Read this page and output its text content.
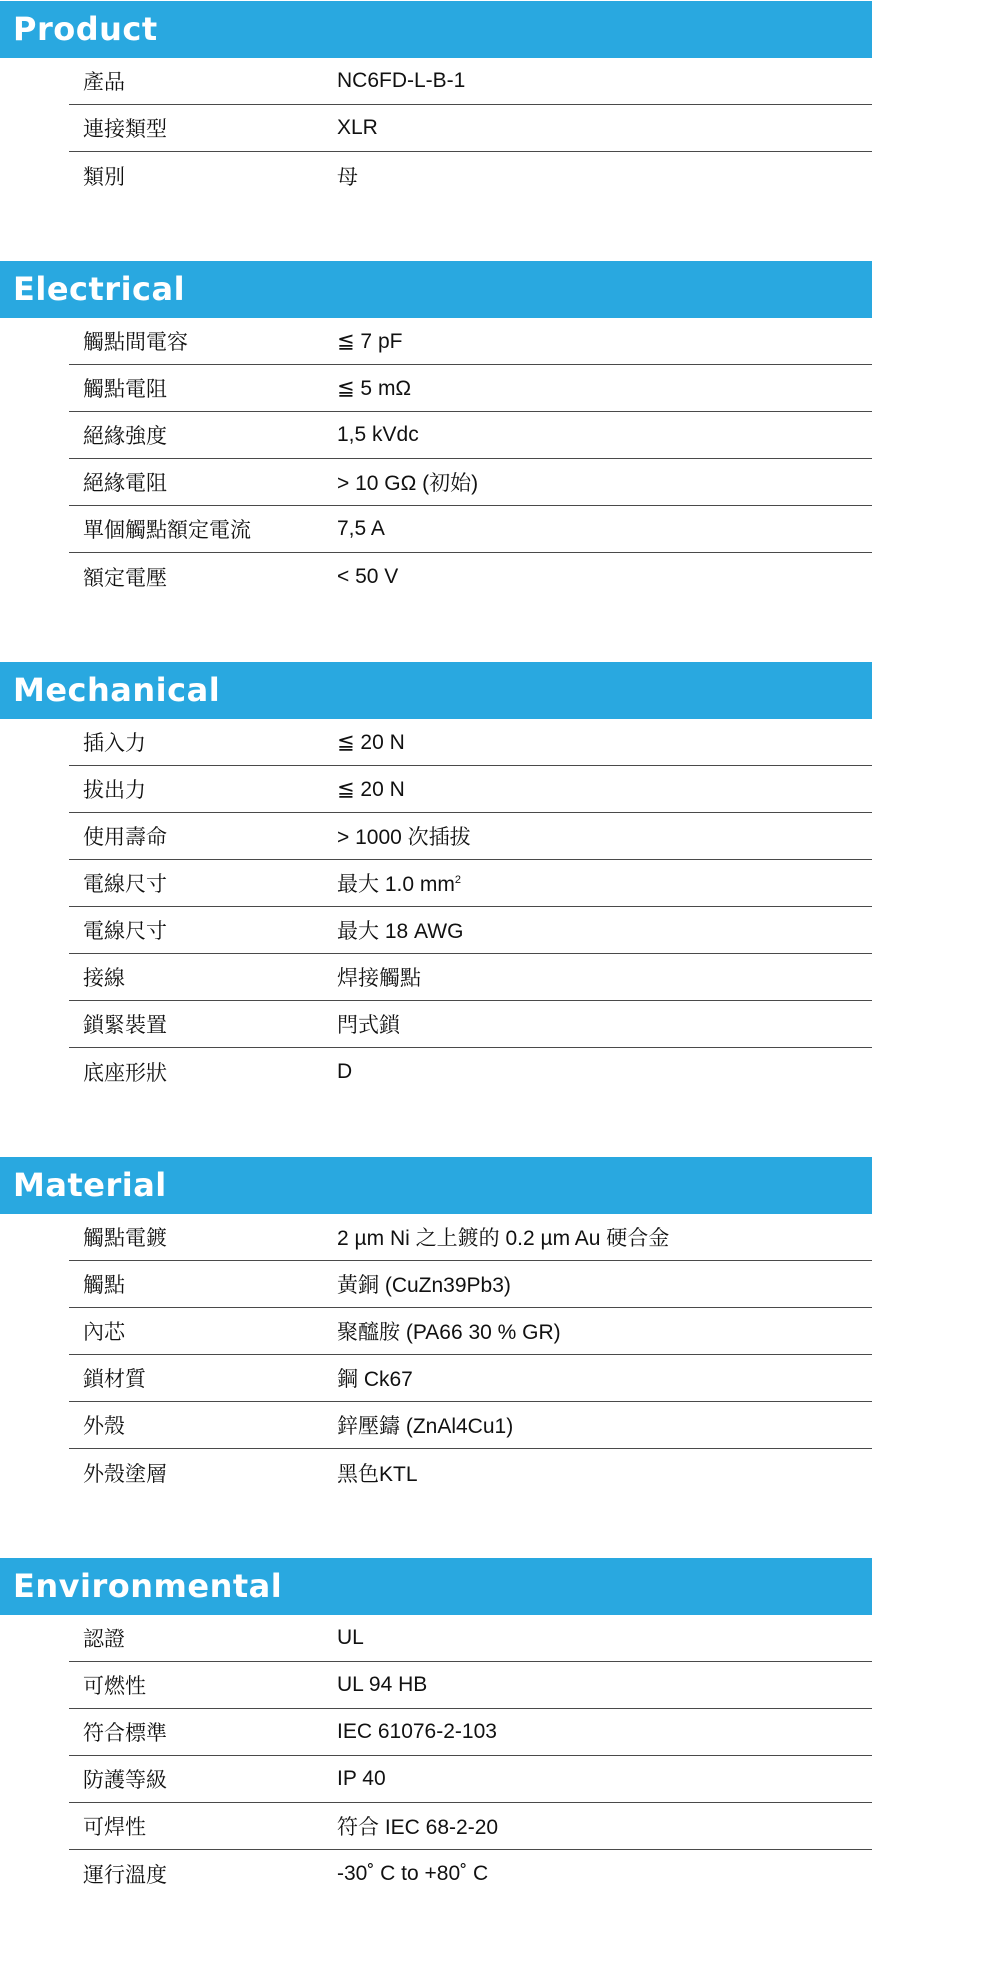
Product
產品	NC6FD-L-B-1
連接類型	XLR
類別	母
Electrical
觸點間電容	≦ 7 pF
觸點電阻	≦ 5 mΩ
絕緣強度	1,5 kVdc
絕緣電阻	> 10 GΩ (初始)
單個觸點額定電流	7,5 A
額定電壓	< 50 V
Mechanical
插入力	≦ 20 N
拔出力	≦ 20 N
使用壽命	> 1000 次插拔
電線尺寸	最大 1.0 $mm^2$
電線尺寸	最大 18 AWG
接線	焊接觸點
鎖緊裝置	閂式鎖
底座形狀	D
Material
觸點電鍍	2 µm Ni 之上鍍的 0.2 µm Au 硬合金
觸點	黃銅 (CuZn39Pb3)
內芯	聚醯胺 (PA66 30 % GR)
鎖材質	鋼 Ck67
外殼	鋅壓鑄 (ZnAl4Cu1)
外殼塗層	黑色KTL
Environmental
認證	UL
可燃性	UL 94 HB
符合標準	IEC 61076-2-103
防護等級	IP 40
可焊性	符合 IEC 68-2-20
運行溫度	-30˚ C to +80˚ C
